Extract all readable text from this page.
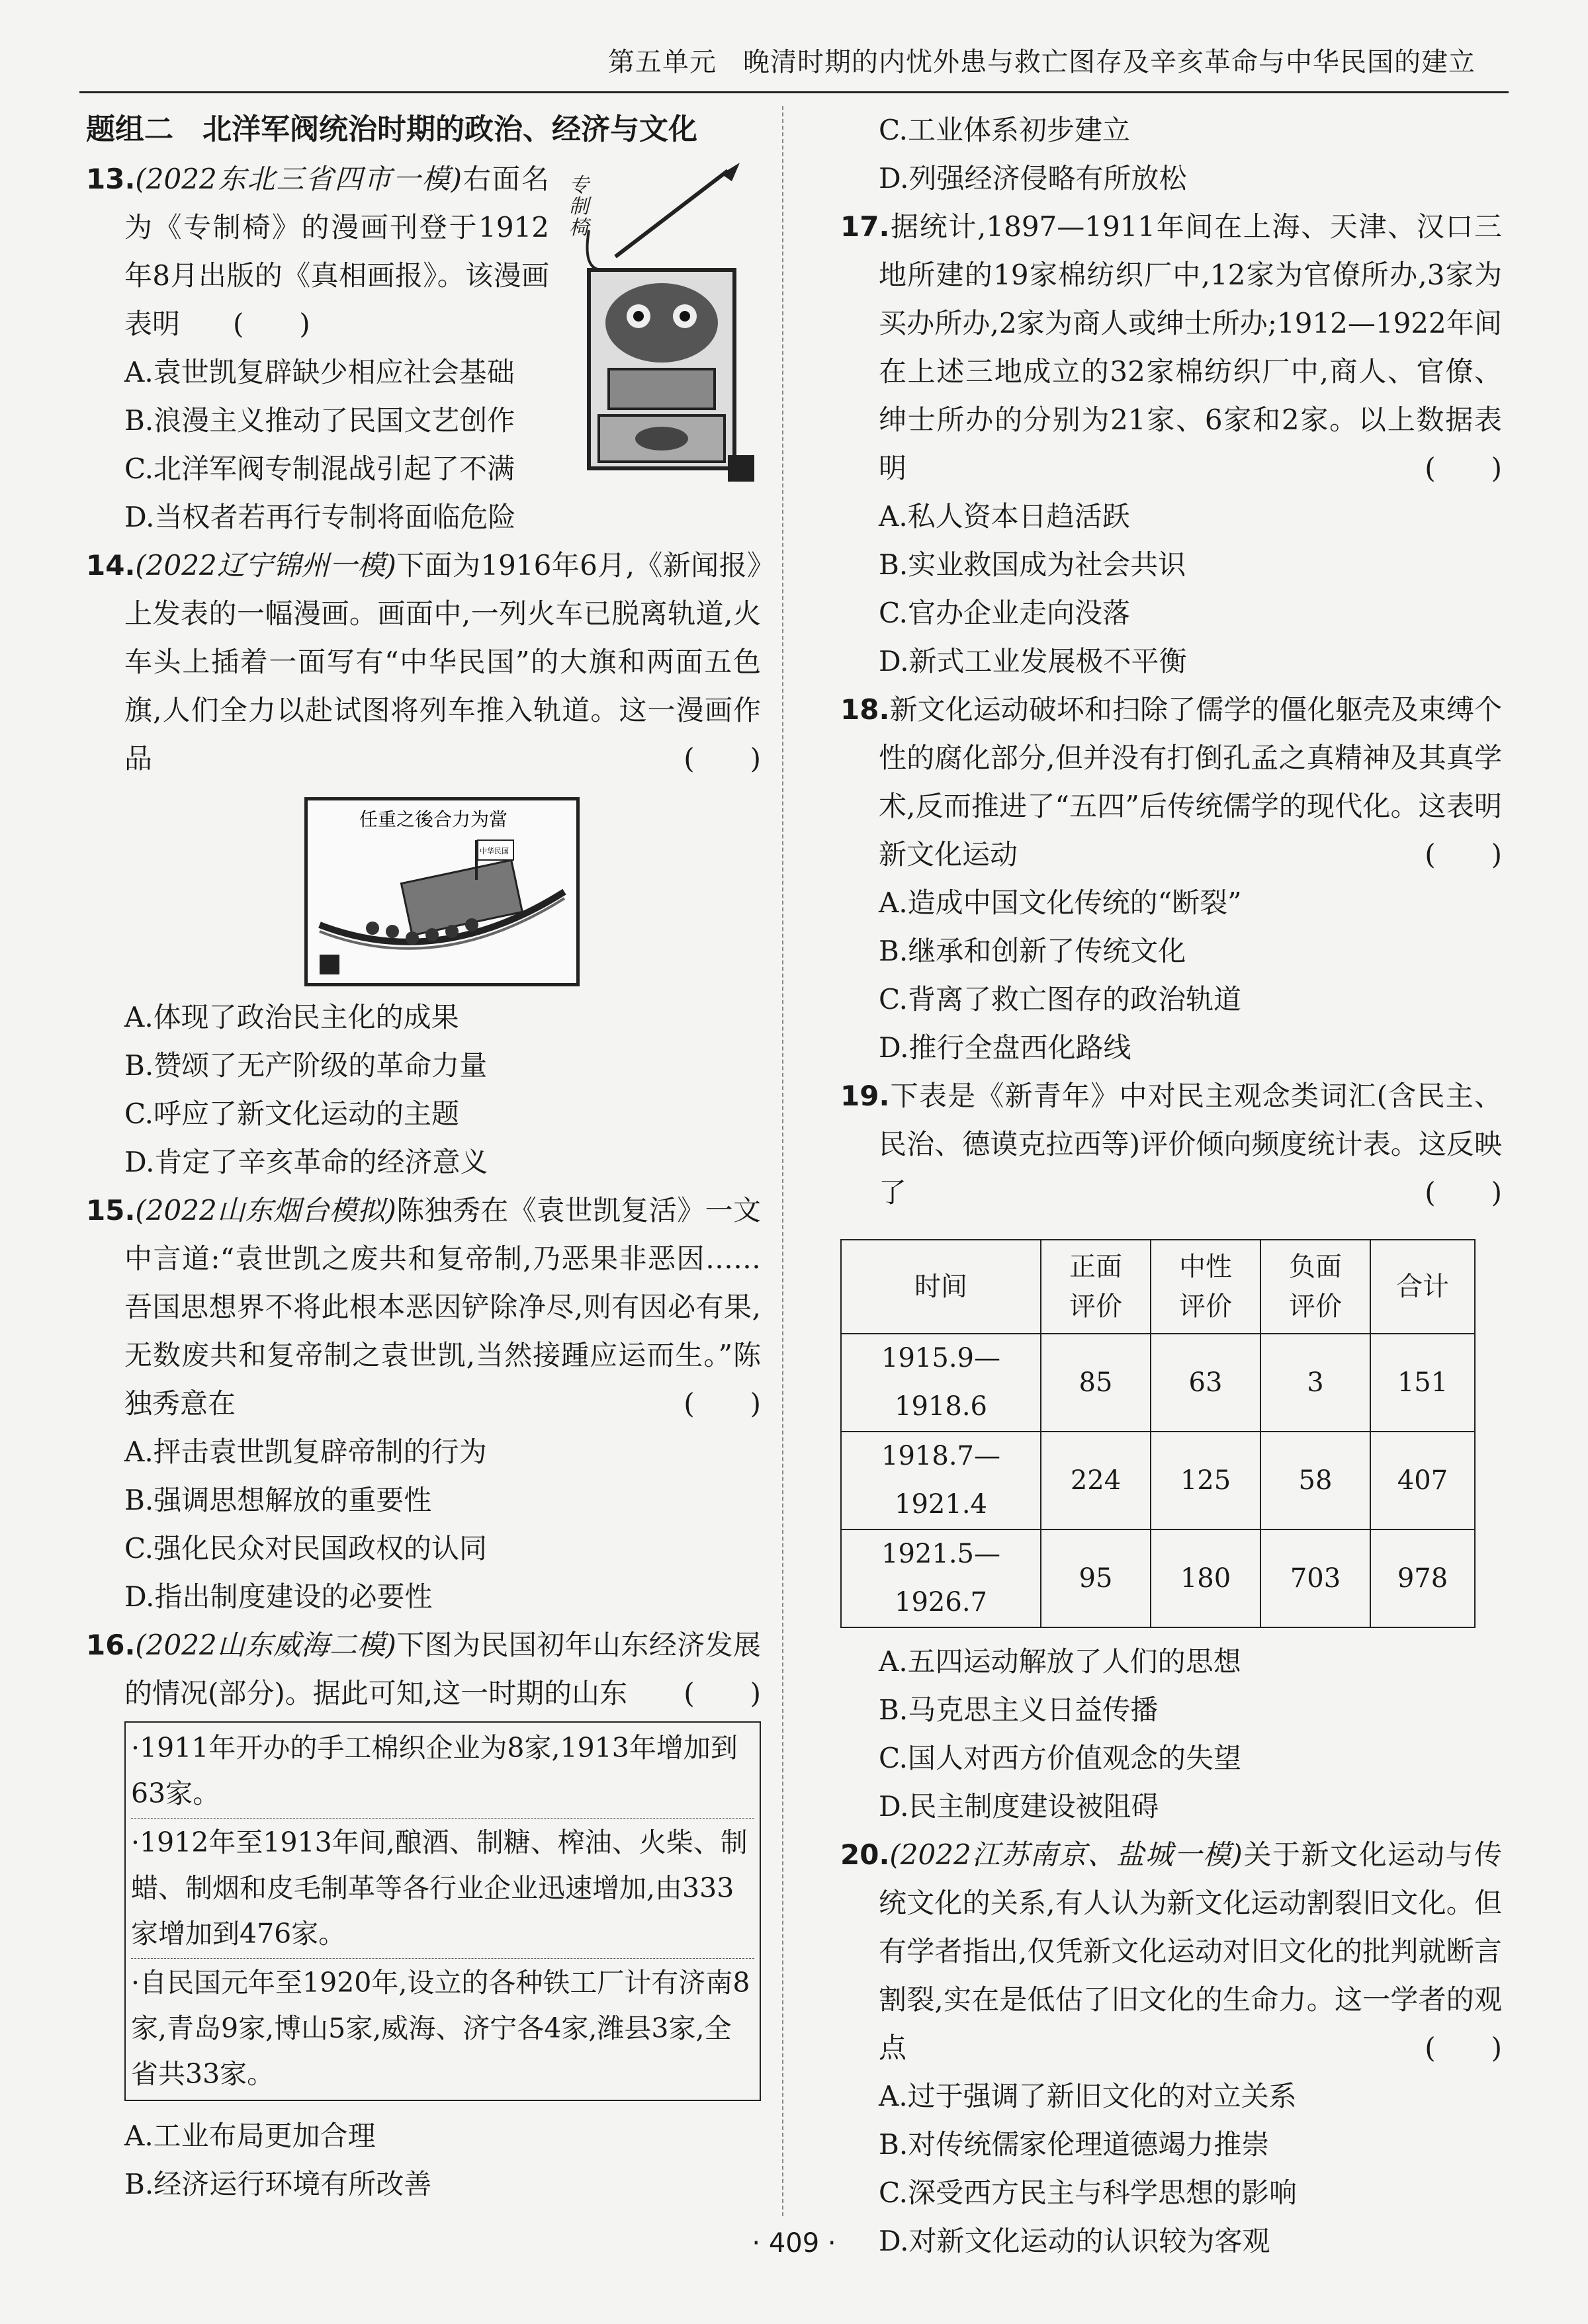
第五单元 晚清时期的内忧外患与救亡图存及辛亥革命与中华民国的建立
题组二　北洋军阀统治时期的政治、经济与文化
专制椅
13.(2022东北三省四市一模)右面名为《专制椅》的漫画刊登于1912年8月出版的《真相画报》。该漫画表明 (　　)
A.袁世凯复辟缺少相应社会基础
B.浪漫主义推动了民国文艺创作
C.北洋军阀专制混战引起了不满
D.当权者若再行专制将面临危险
14.(2022辽宁锦州一模)下面为1916年6月,《新闻报》上发表的一幅漫画。画面中,一列火车已脱离轨道,火车头上插着一面写有“中华民国”的大旗和两面五色旗,人们全力以赴试图将列车推入轨道。这一漫画作品	(　　)
任重之後合力为當
中华民国
A.体现了政治民主化的成果
B.赞颂了无产阶级的革命力量
C.呼应了新文化运动的主题
D.肯定了辛亥革命的经济意义
15.(2022山东烟台模拟)陈独秀在《袁世凯复活》一文中言道:“袁世凯之废共和复帝制,乃恶果非恶因……吾国思想界不将此根本恶因铲除净尽,则有因必有果,无数废共和复帝制之袁世凯,当然接踵应运而生。”陈独秀意在	(　　)
A.抨击袁世凯复辟帝制的行为
B.强调思想解放的重要性
C.强化民众对民国政权的认同
D.指出制度建设的必要性
16.(2022山东威海二模)下图为民国初年山东经济发展的情况(部分)。据此可知,这一时期的山东 (　　)
·1911年开办的手工棉织企业为8家,1913年增加到63家。
·1912年至1913年间,酿酒、制糖、榨油、火柴、制蜡、制烟和皮毛制革等各行业企业迅速增加,由333家增加到476家。
·自民国元年至1920年,设立的各种铁工厂计有济南8家,青岛9家,博山5家,威海、济宁各4家,潍县3家,全省共33家。
A.工业布局更加合理
B.经济运行环境有所改善
C.工业体系初步建立
D.列强经济侵略有所放松
17.据统计,1897—1911年间在上海、天津、汉口三地所建的19家棉纺织厂中,12家为官僚所办,3家为买办所办,2家为商人或绅士所办;1912—1922年间在上述三地成立的32家棉纺织厂中,商人、官僚、绅士所办的分别为21家、6家和2家。以上数据表明	(　　)
A.私人资本日趋活跃
B.实业救国成为社会共识
C.官办企业走向没落
D.新式工业发展极不平衡
18.新文化运动破坏和扫除了儒学的僵化躯壳及束缚个性的腐化部分,但并没有打倒孔孟之真精神及其真学术,反而推进了“五四”后传统儒学的现代化。这表明新文化运动	(　　)
A.造成中国文化传统的“断裂”
B.继承和创新了传统文化
C.背离了救亡图存的政治轨道
D.推行全盘西化路线
19.下表是《新青年》中对民主观念类词汇(含民主、民治、德谟克拉西等)评价倾向频度统计表。这反映了	(　　)
时间	正面评价	中性评价	负面评价	合计
1915.9—1918.6	85	63	3	151
1918.7—1921.4	224	125	58	407
1921.5—1926.7	95	180	703	978
A.五四运动解放了人们的思想
B.马克思主义日益传播
C.国人对西方价值观念的失望
D.民主制度建设被阻碍
20.(2022江苏南京、盐城一模)关于新文化运动与传统文化的关系,有人认为新文化运动割裂旧文化。但有学者指出,仅凭新文化运动对旧文化的批判就断言割裂,实在是低估了旧文化的生命力。这一学者的观点	(　　)
A.过于强调了新旧文化的对立关系
B.对传统儒家伦理道德竭力推崇
C.深受西方民主与科学思想的影响
D.对新文化运动的认识较为客观
· 409 ·
